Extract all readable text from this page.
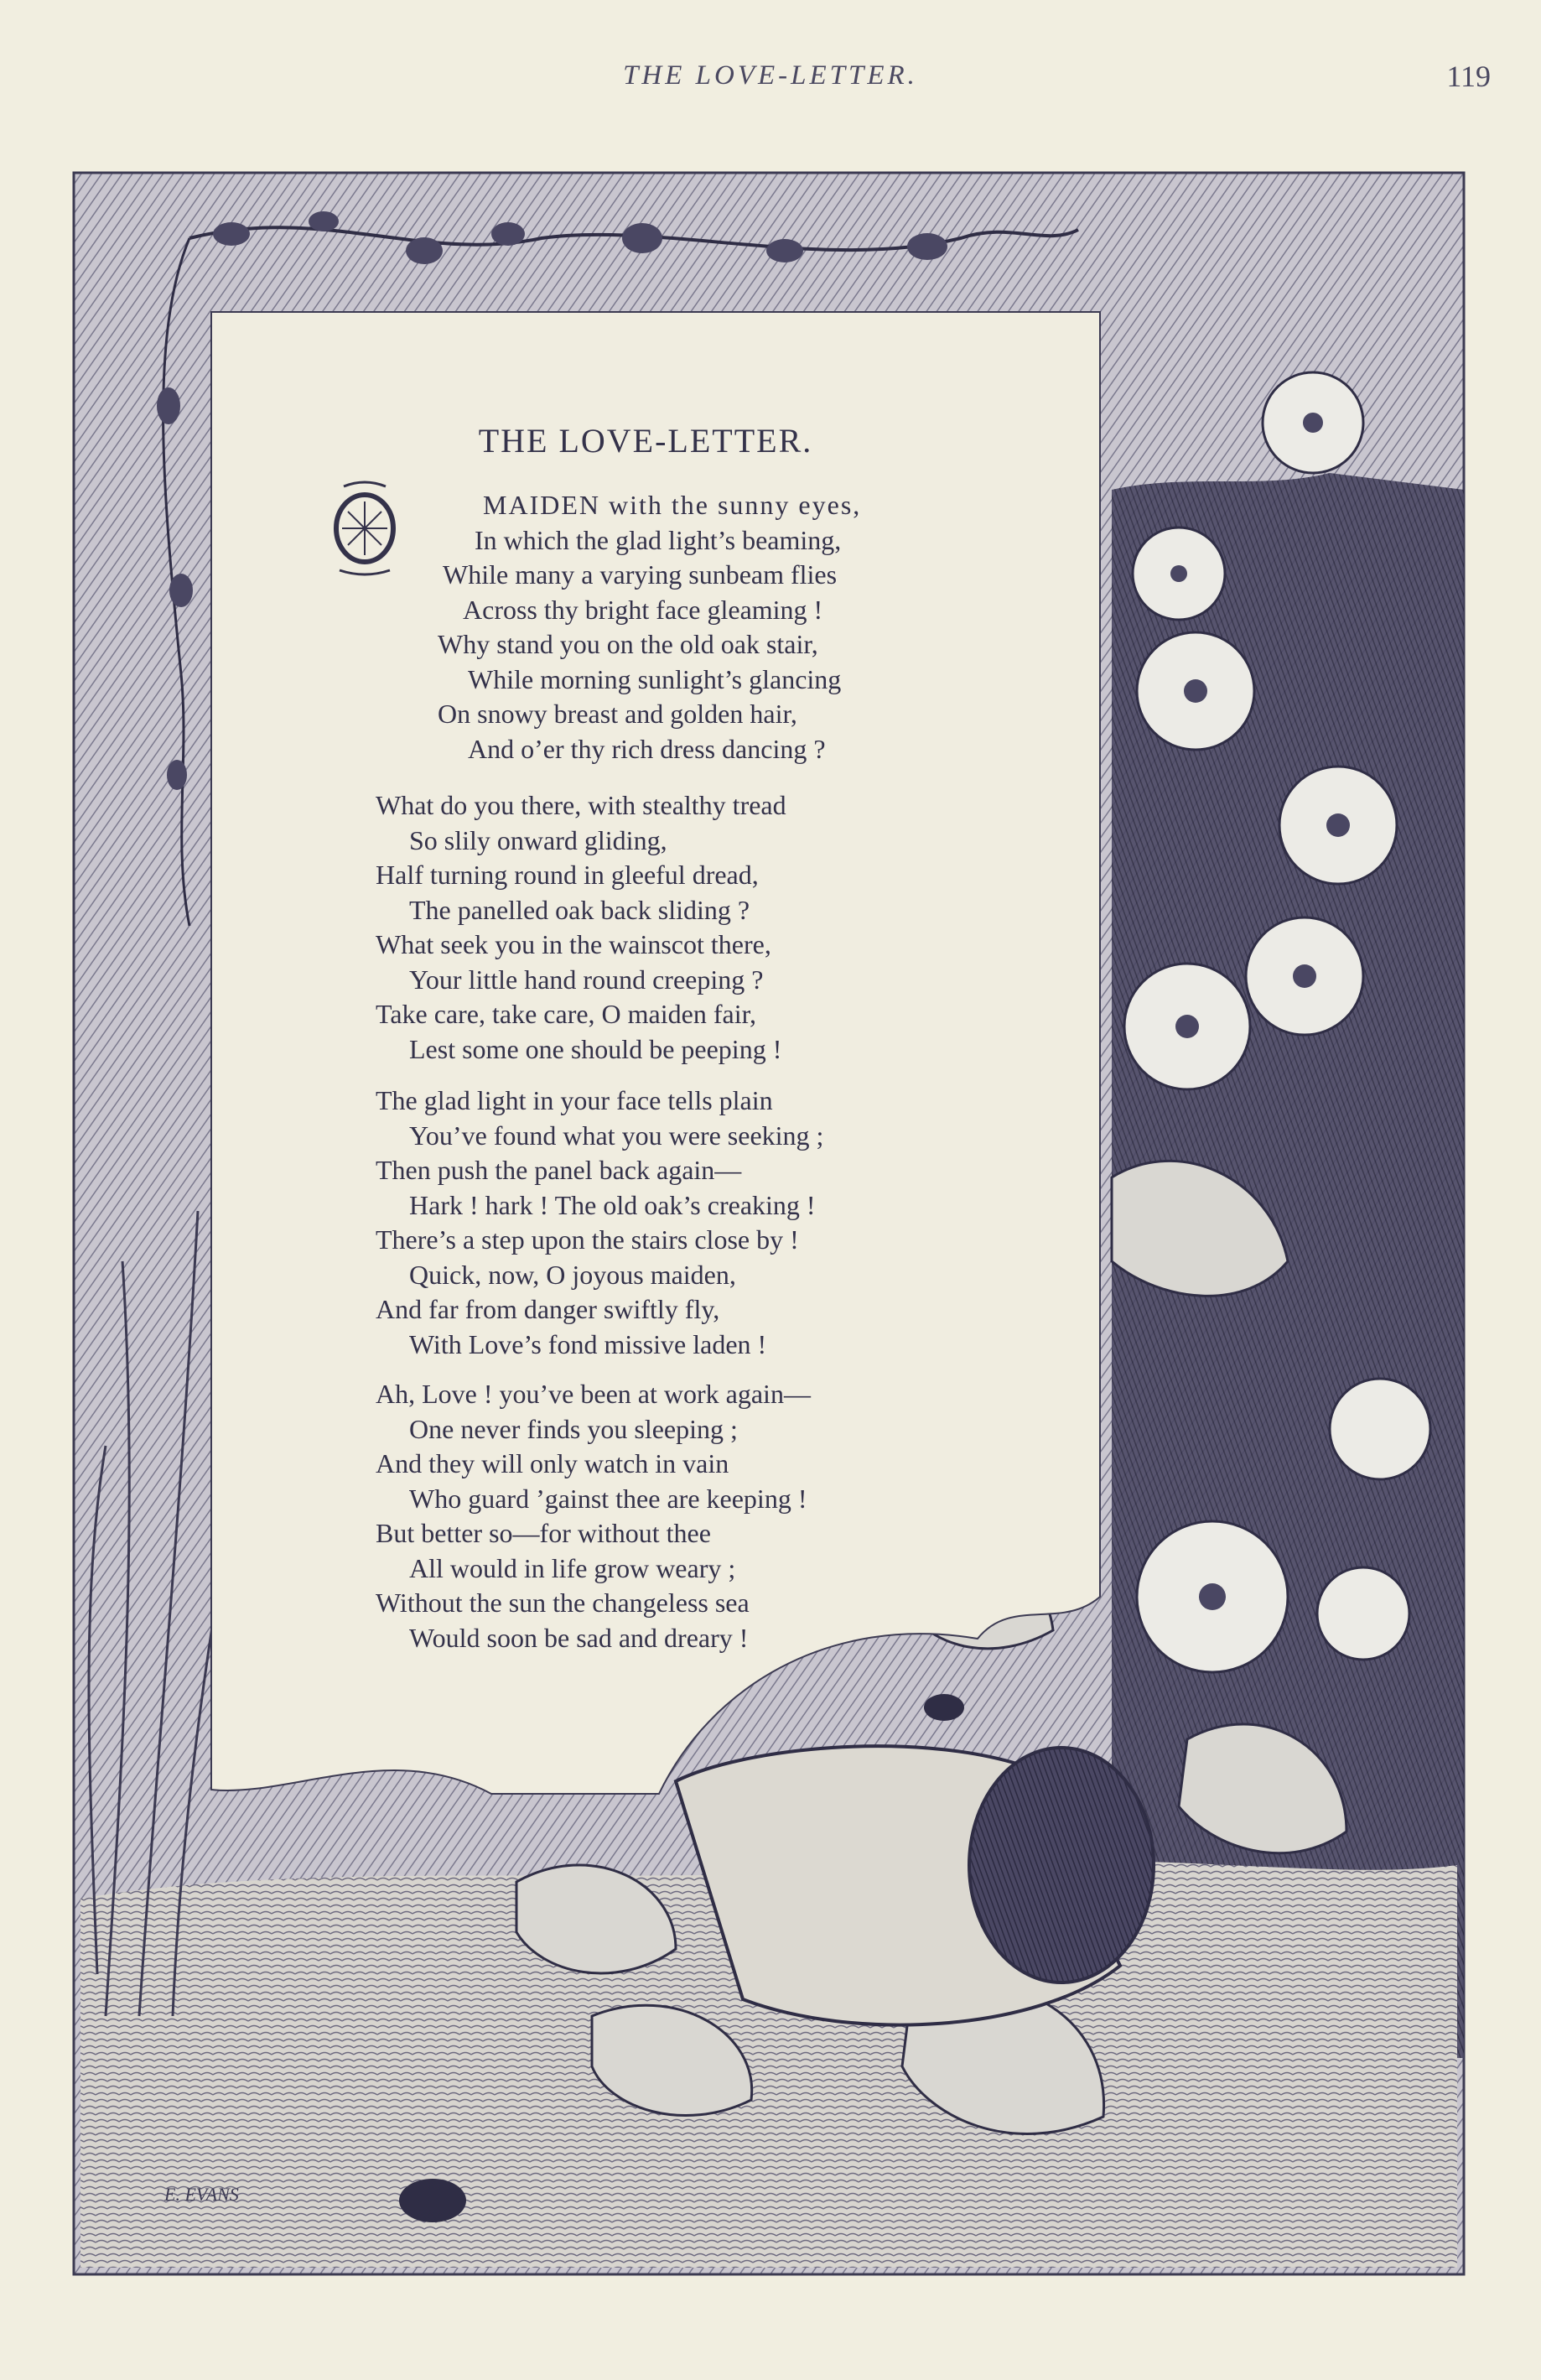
THE LOVE-LETTER.	119
E. EVANS
THE LOVE-LETTER.
MAIDEN with the sunny eyes,
In which the glad light’s beaming,
While many a varying sunbeam flies
Across thy bright face gleaming !
Why stand you on the old oak stair,
While morning sunlight’s glancing
On snowy breast and golden hair,
And o’er thy rich dress dancing ?
What do you there, with stealthy tread
So slily onward gliding,
Half turning round in gleeful dread,
The panelled oak back sliding ?
What seek you in the wainscot there,
Your little hand round creeping ?
Take care, take care, O maiden fair,
Lest some one should be peeping !
The glad light in your face tells plain
You’ve found what you were seeking ;
Then push the panel back again—
Hark ! hark ! The old oak’s creaking !
There’s a step upon the stairs close by !
Quick, now, O joyous maiden,
And far from danger swiftly fly,
With Love’s fond missive laden !
Ah, Love ! you’ve been at work again—
One never finds you sleeping ;
And they will only watch in vain
Who guard ’gainst thee are keeping !
But better so—for without thee
All would in life grow weary ;
Without the sun the changeless sea
Would soon be sad and dreary !
